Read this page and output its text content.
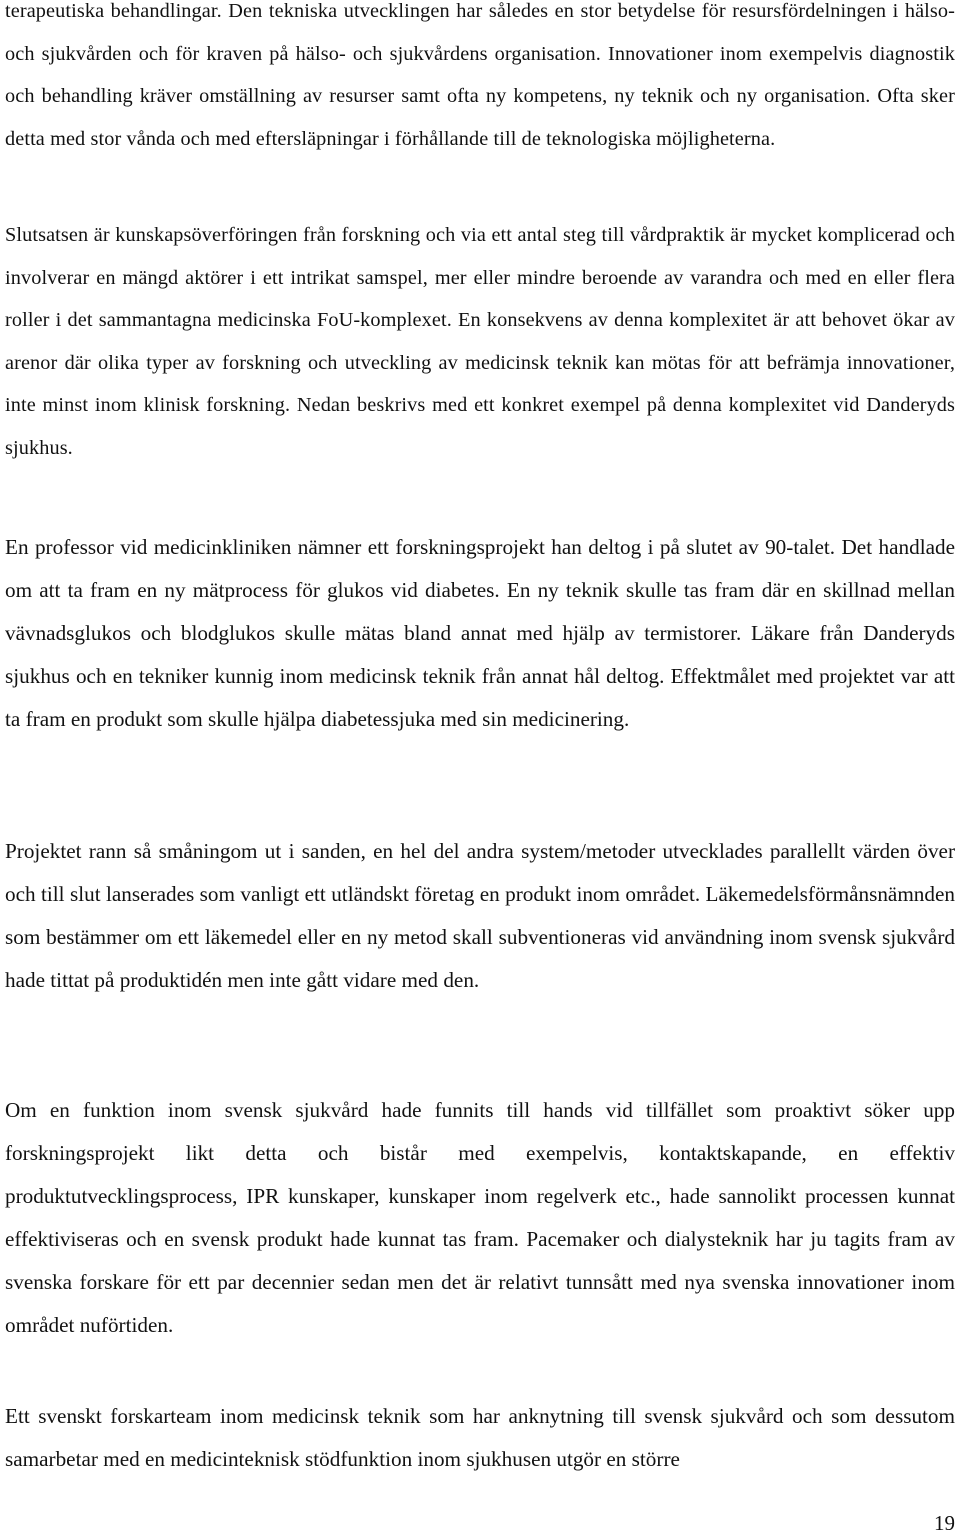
terapeutiska behandlingar. Den tekniska utvecklingen har således en stor betydelse för resursfördelningen i hälso- och sjukvården och för kraven på hälso- och sjukvårdens organisation. Innovationer inom exempelvis diagnostik och behandling kräver omställning av resurser samt ofta ny kompetens, ny teknik och ny organisation. Ofta sker detta med stor vånda och med eftersläpningar i förhållande till de teknologiska möjligheterna.

Slutsatsen är kunskapsöverföringen från forskning och via ett antal steg till vårdpraktik är mycket komplicerad och involverar en mängd aktörer i ett intrikat samspel, mer eller mindre beroende av varandra och med en eller flera roller i det sammantagna medicinska FoU-komplexet. En konsekvens av denna komplexitet är att behovet ökar av arenor där olika typer av forskning och utveckling av medicinsk teknik kan mötas för att befrämja innovationer, inte minst inom klinisk forskning. Nedan beskrivs med ett konkret exempel på denna komplexitet vid Danderyds sjukhus.

En professor vid medicinkliniken nämner ett forskningsprojekt han deltog i på slutet av 90-talet. Det handlade om att ta fram en ny mätprocess för glukos vid diabetes. En ny teknik skulle tas fram där en skillnad mellan vävnadsglukos och blodglukos skulle mätas bland annat med hjälp av termistorer. Läkare från Danderyds sjukhus och en tekniker kunnig inom medicinsk teknik från annat hål deltog. Effektmålet med projektet var att ta fram en produkt som skulle hjälpa diabetessjuka med sin medicinering.

Projektet rann så småningom ut i sanden, en hel del andra system/metoder utvecklades parallellt värden över och till slut lanserades som vanligt ett utländskt företag en produkt inom området. Läkemedelsförmånsnämnden som bestämmer om ett läkemedel eller en ny metod skall subventioneras vid användning inom svensk sjukvård hade tittat på produktidén men inte gått vidare med den.

Om en funktion inom svensk sjukvård hade funnits till hands vid tillfället som proaktivt söker upp forskningsprojekt likt detta och bistår med exempelvis, kontaktskapande, en effektiv produktutvecklingsprocess, IPR kunskaper, kunskaper inom regelverk etc., hade sannolikt processen kunnat effektiviseras och en svensk produkt hade kunnat tas fram. Pacemaker och dialysteknik har ju tagits fram av svenska forskare för ett par decennier sedan men det är relativt tunnsått med nya svenska innovationer inom området nuförtiden.

Ett svenskt forskarteam inom medicinsk teknik som har anknytning till svensk sjukvård och som dessutom samarbetar med en medicinteknisk stödfunktion inom sjukhusen utgör en större

19
